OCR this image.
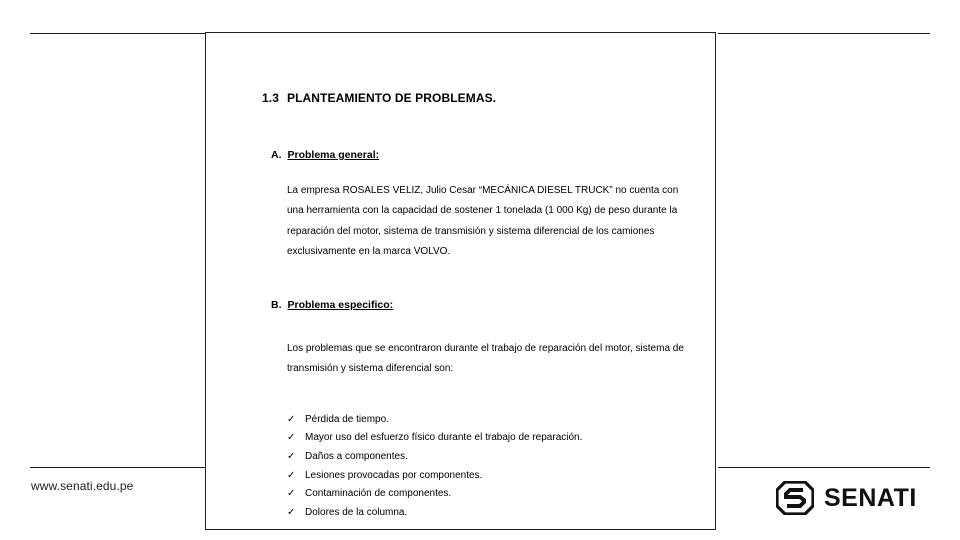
www.senati.edu.pe	SENATI
1.3 PLANTEAMIENTO DE PROBLEMAS.
A. Problema general:
La empresa ROSALES VELIZ, Julio Cesar “MECÁNICA DIESEL TRUCK” no cuenta con una herramienta con la capacidad de sostener 1 tonelada (1 000 Kg) de peso durante la reparación del motor, sistema de transmisión y sistema diferencial de los camiones exclusivamente en la marca VOLVO.
B. Problema especifico:
Los problemas que se encontraron durante el trabajo de reparación del motor, sistema de transmisión y sistema diferencial son:
✓ Pérdida de tiempo.
✓ Mayor uso del esfuerzo físico durante el trabajo de reparación.
✓ Daños a componentes.
✓ Lesiones provocadas por componentes.
✓ Contaminación de componentes.
✓ Dolores de la columna.
